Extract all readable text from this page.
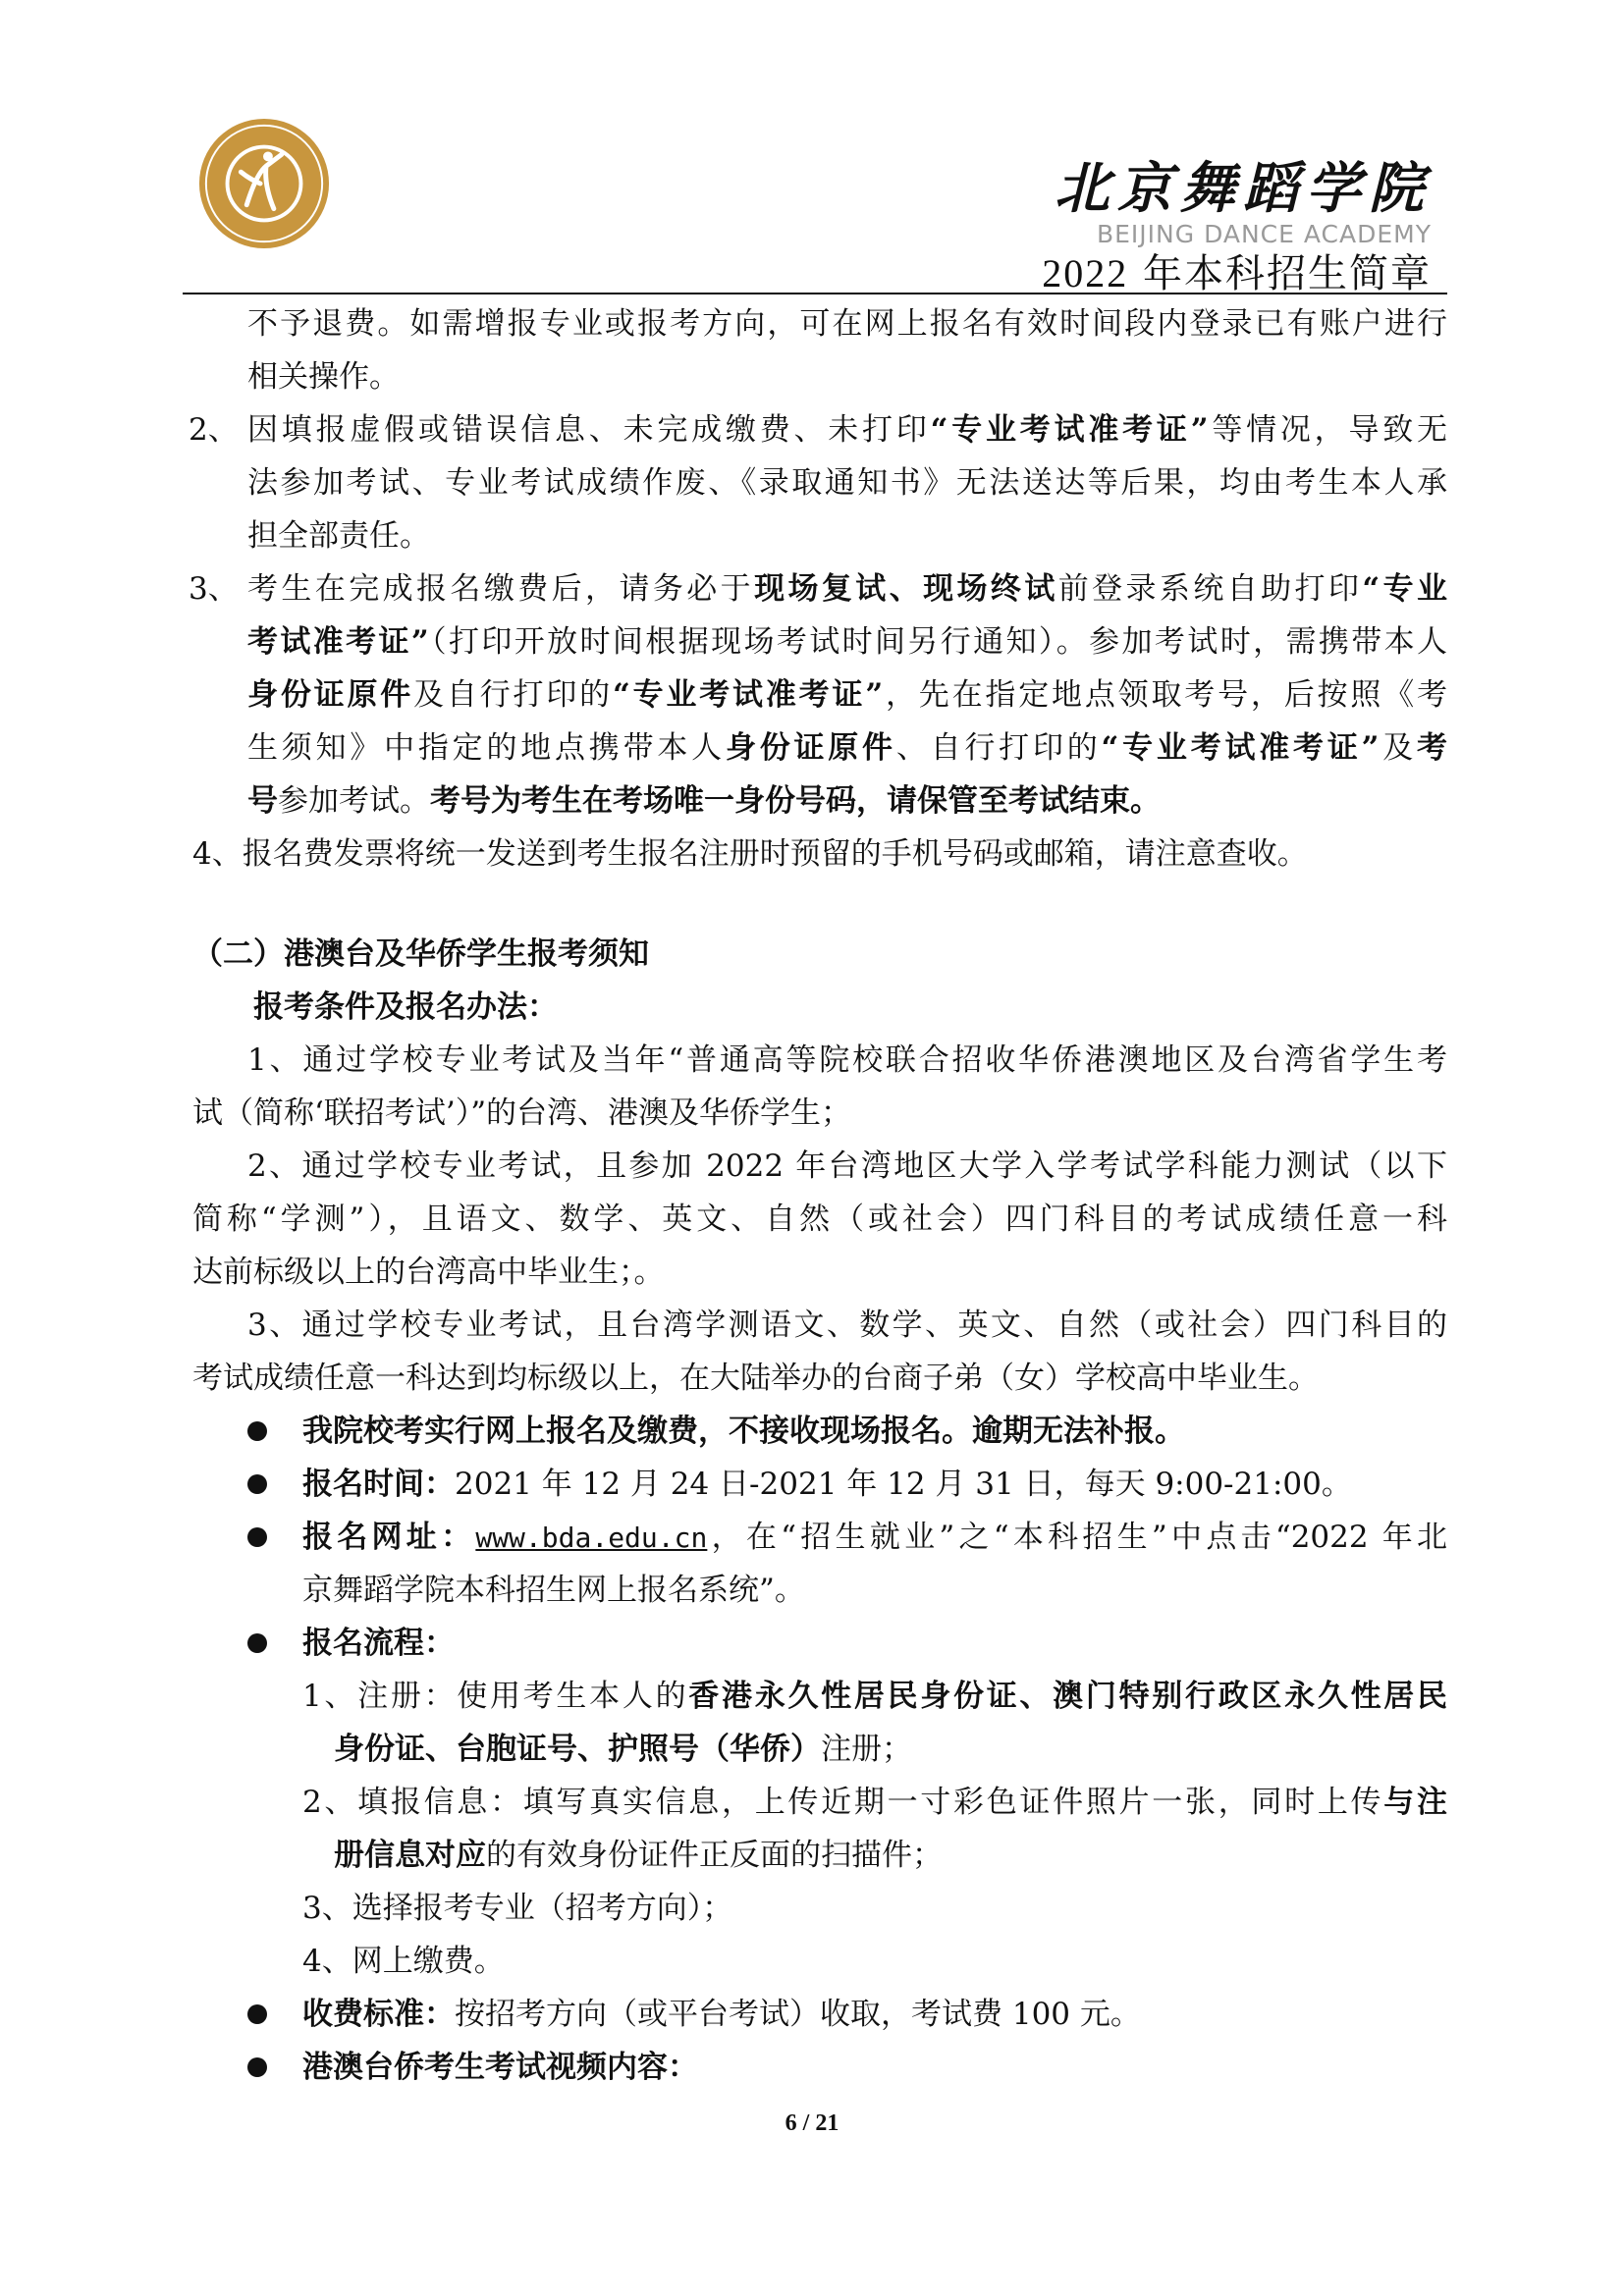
北京舞蹈学院
BEIJING DANCE ACADEMY
2022 年本科招生简章
不予退费。如需增报专业或报考方向，可在网上报名有效时间段内登录已有账户进行
相关操作。
2、 因填报虚假或错误信息、未完成缴费、未打印“专业考试准考证”等情况，导致无
法参加考试、专业考试成绩作废、《录取通知书》无法送达等后果，均由考生本人承
担全部责任。
3、 考生在完成报名缴费后，请务必于现场复试、现场终试前登录系统自助打印“专业
考试准考证”（打印开放时间根据现场考试时间另行通知）。参加考试时，需携带本人
身份证原件及自行打印的“专业考试准考证”，先在指定地点领取考号，后按照《考
生须知》中指定的地点携带本人身份证原件、自行打印的“专业考试准考证”及考
号参加考试。考号为考生在考场唯一身份号码，请保管至考试结束。
4、报名费发票将统一发送到考生报名注册时预留的手机号码或邮箱，请注意查收。
（二）港澳台及华侨学生报考须知
报考条件及报名办法：
1、通过学校专业考试及当年“普通高等院校联合招收华侨港澳地区及台湾省学生考
试（简称‘联招考试’）”的台湾、港澳及华侨学生；
2、通过学校专业考试，且参加 2022 年台湾地区大学入学考试学科能力测试（以下
简称“学测”），且语文、数学、英文、自然（或社会）四门科目的考试成绩任意一科
达前标级以上的台湾高中毕业生；。
3、通过学校专业考试，且台湾学测语文、数学、英文、自然（或社会）四门科目的
考试成绩任意一科达到均标级以上，在大陆举办的台商子弟（女）学校高中毕业生。
我院校考实行网上报名及缴费，不接收现场报名。逾期无法补报。
报名时间：2021 年 12 月 24 日-2021 年 12 月 31 日，每天 9:00-21:00。
报名网址：www.bda.edu.cn，在“招生就业”之“本科招生”中点击“2022 年北
京舞蹈学院本科招生网上报名系统”。
报名流程：
1、注册：使用考生本人的香港永久性居民身份证、澳门特别行政区永久性居民
身份证、台胞证号、护照号（华侨）注册；
2、填报信息：填写真实信息，上传近期一寸彩色证件照片一张，同时上传与注
册信息对应的有效身份证件正反面的扫描件；
3、选择报考专业（招考方向）；
4、网上缴费。
收费标准：按招考方向（或平台考试）收取，考试费 100 元。
港澳台侨考生考试视频内容：
6 / 21
